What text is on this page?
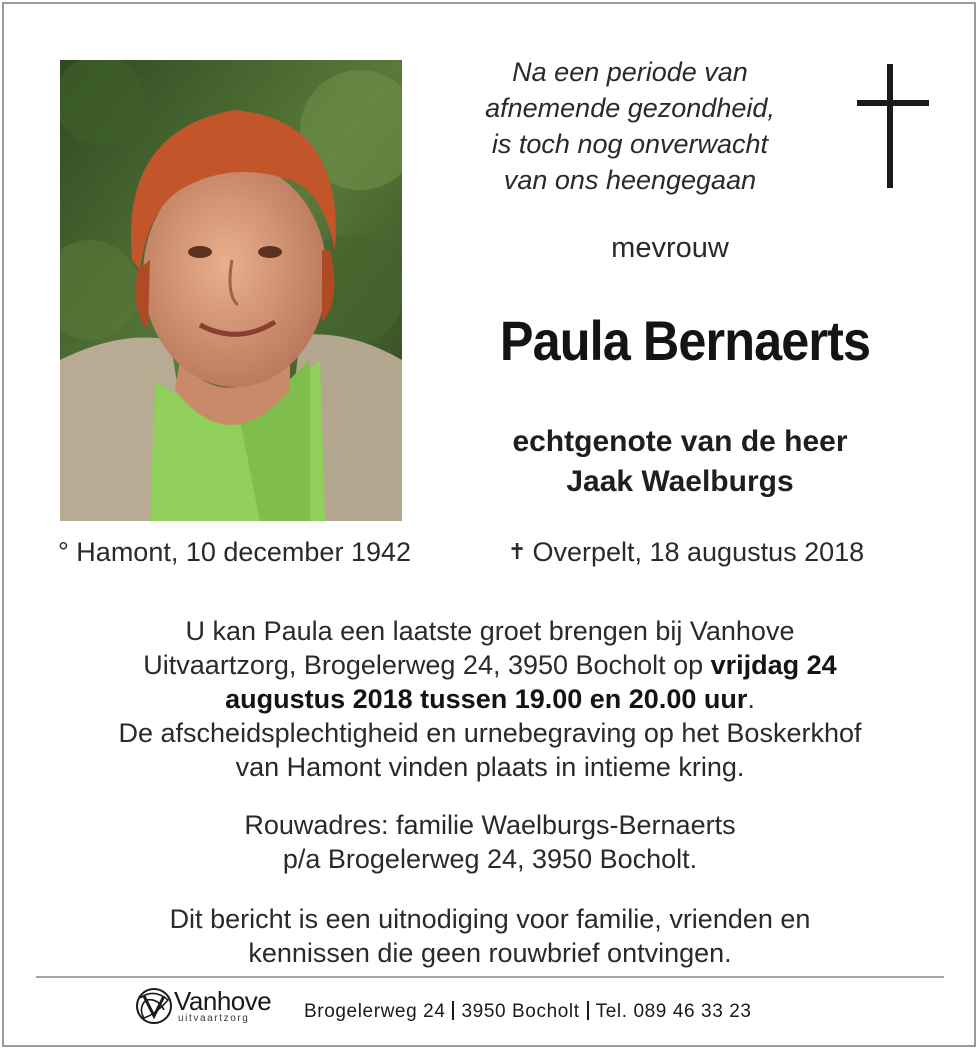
Na een periode van
afnemende gezondheid,
is toch nog onverwacht
van ons heengegaan
mevrouw
Paula Bernaerts
echtgenote van de heer
Jaak Waelburgs
° Hamont, 10 december 1942	✝ Overpelt, 18 augustus 2018
U kan Paula een laatste groet brengen bij Vanhove
Uitvaartzorg, Brogelerweg 24, 3950 Bocholt op vrijdag 24
augustus 2018 tussen 19.00 en 20.00 uur.
De afscheidsplechtigheid en urnebegraving op het Boskerkhof
van Hamont vinden plaats in intieme kring.
Rouwadres: familie Waelburgs-Bernaerts
p/a Brogelerweg 24, 3950 Bocholt.
Dit bericht is een uitnodiging voor familie, vrienden en
kennissen die geen rouwbrief ontvingen.
Vanhove
uitvaartzorg	Brogelerweg 24 3950 Bocholt Tel. 089 46 33 23
